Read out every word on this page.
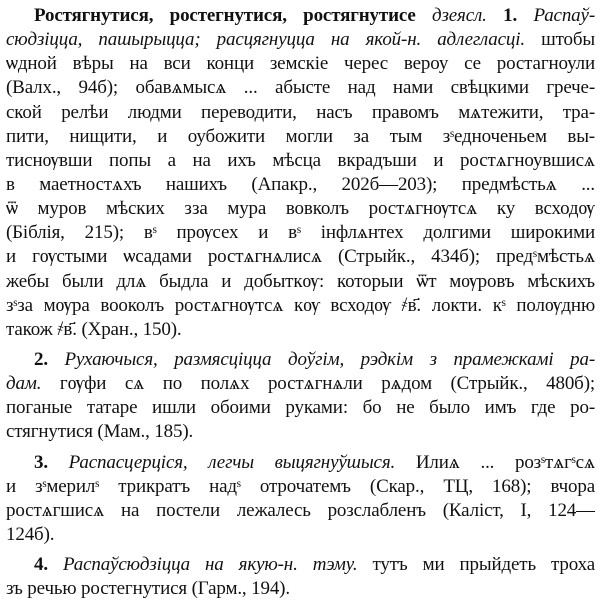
Ростягнутися, ростегнутися, ростягнутисе дзеясл. 1. Распаў-
сюдзіцца, пашырыцца; расцягнуцца на якой-н. адлегласці. штобы
ѡдной вѣры на вси конци земскіе черес вероу се ростагноули
(Валх., 94б); обавѧмысѧ ... абысте над нами свѣцкими грече-
ской релѣи людми переводити, насъ правомъ мѧтежити, тра-
пити, нищити, и оубожити могли за тым зˢедноченьем вы-
тиснѹвши попы а на ихъ мѣсца вкрадъши и ростѧгноувшисѧ
в маетностѧхъ нашихъ (Апакр., 202б—203); предмѣстьѧ ...
ѿ муров мѣских зза мура вовколъ ростѧгнѹтсѧ ку всходѹ
(Біблія, 215); вˢ прѹсех и вˢ інфлѧнтех долгими широкими
и гѹстыми ѡсадами ростѧгнѧлисѧ (Стрыйк., 434б); предˢмѣстьѧ
жебы были длѧ быдла и добыткѹ: которыи ѿт мѹровъ мѣскихъ
зˢза мѹра вооколъ ростѧгнѹтсѧ кѹ всходѹ ҂в҃. локти. кˢ полѹдню
також ҂в҃. (Хран., 150).
2. Рухаючыся, размясціцца доўгім, рэдкім з прамежкамі ра-
дам. гѹфи сѧ по полѧх ростѧгнѧли рѧдом (Стрыйк., 480б);
поганые татаре ишли обоими руками: бо не было имъ где ро-
стягнутися (Мам., 185).
3. Распасцерціся, легчы выцягнуўшыся. Илиѧ ... розˢтѧгˢсѧ
и зˢмерилˢ трикратъ надˢ отрочатемъ (Скар., ТЦ, 168); вчора
ростѧгшисѧ на постели лежалесь розслабленъ (Каліст, I, 124—
124б).
4. Распаўсюдзіцца на якую-н. тэму. тутъ ми прыйдеть троха
зъ речью ростегнутися (Гарм., 194).
